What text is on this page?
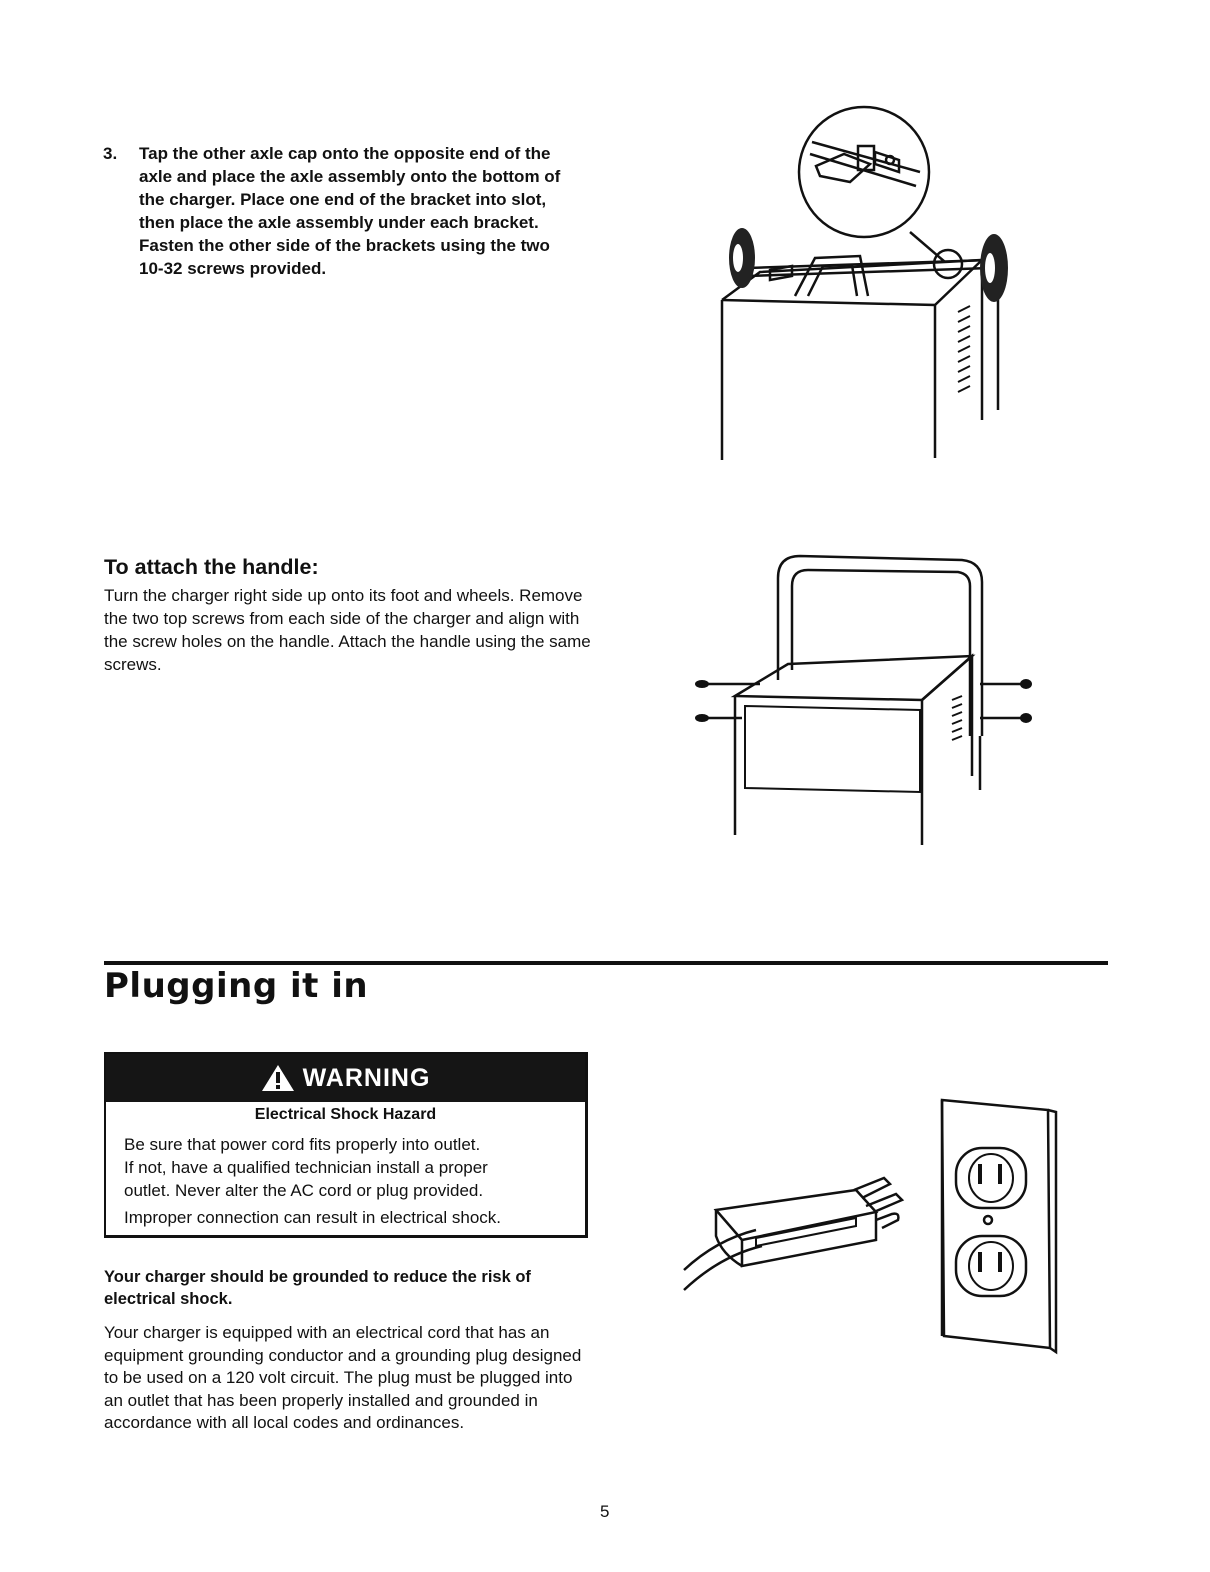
3. Tap the other axle cap onto the opposite end of the axle and place the axle assembly onto the bottom of the charger. Place one end of the bracket into slot, then place the axle assembly under each bracket. Fasten the other side of the brackets using the two 10-32 screws provided.
To attach the handle:
Turn the charger right side up onto its foot and wheels. Remove the two top screws from each side of the charger and align with the screw holes on the handle. Attach the handle using the same screws.
Plugging it in
WARNING
Electrical Shock Hazard

Be sure that power cord fits properly into outlet.

If not, have a qualified technician install a proper

outlet. Never alter the AC cord or plug provided.

Improper connection can result in electrical shock.

Your charger should be grounded to reduce the risk of electrical shock.
Your charger is equipped with an electrical cord that has an equipment grounding conductor and a grounding plug designed to be used on a 120 volt circuit. The plug must be plugged into an outlet that has been properly installed and grounded in accordance with all local codes and ordinances.
5
